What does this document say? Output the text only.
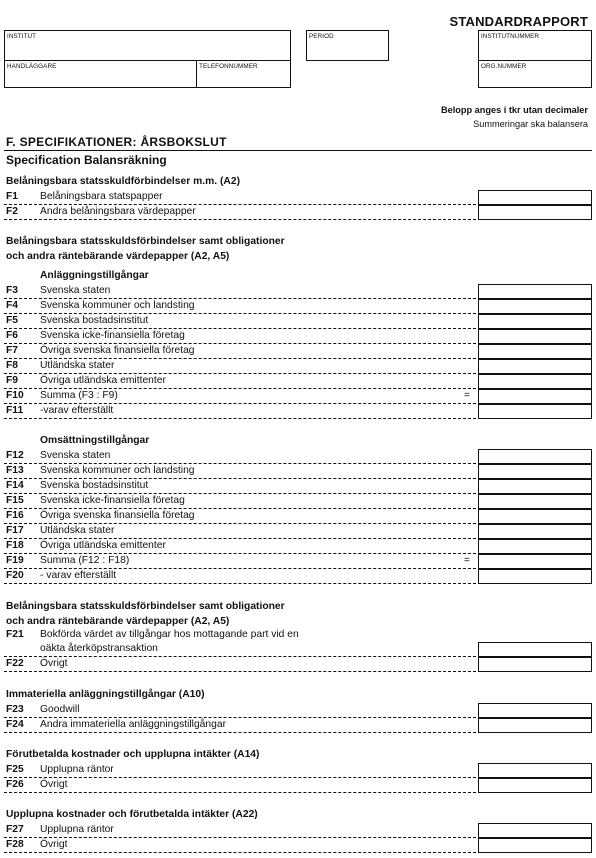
STANDARDRAPPORT
INSTITUT	PERIOD	INSTITUTNUMMER
HANDLÄGGARE	TELEFONNUMMER	ORG.NUMMER
Belopp anges i tkr utan decimaler
Summeringar ska balansera
F. SPECIFIKATIONER: ÅRSBOKSLUT
Specification Balansräkning
Belåningsbara statsskuldförbindelser m.m. (A2)
F1 Belåningsbara statspapper
F2 Andra belåningsbara värdepapper
Belåningsbara statsskuldsförbindelser samt obligationer
och andra räntebärande värdepapper (A2, A5)
Anläggningstillgångar
F3 Svenska staten
F4 Svenska kommuner och landsting
F5 Svenska bostadsinstitut
F6 Svenska icke-finansiella företag
F7 Övriga svenska finansiella företag
F8 Utländska stater
F9 Övriga utländska emittenter
F10 Summa (F3 : F9)	=
F11 -varav efterställt
Omsättningstillgångar
F12 Svenska staten
F13 Svenska kommuner och landsting
F14 Svenska bostadsinstitut
F15 Svenska icke-finansiella företag
F16 Övriga svenska finansiella företag
F17 Utländska stater
F18 Övriga utländska emittenter
F19 Summa (F12 : F18)	=
F20 - varav efterställt
Belåningsbara statsskuldsförbindelser samt obligationer
och andra räntebärande värdepapper (A2, A5)
F21 Bokförda värdet av tillgångar hos mottagande part vid en
oäkta återköpstransaktion
F22 Övrigt
Immateriella anläggningstillgångar (A10)
F23 Goodwill
F24 Andra immateriella anläggningstillgångar
Förutbetalda kostnader och upplupna intäkter (A14)
F25 Upplupna räntor
F26 Övrigt
Upplupna kostnader och förutbetalda intäkter (A22)
F27 Upplupna räntor
F28 Övrigt
